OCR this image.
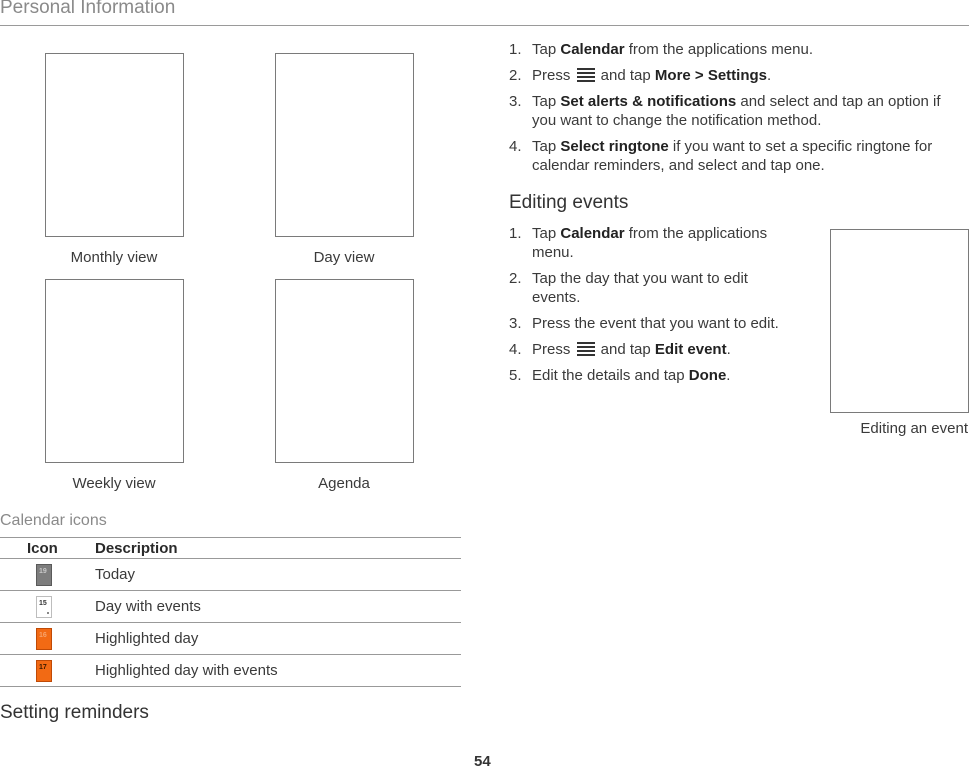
Personal Information
Monthly view	Day view
Weekly view	Agenda
Calendar icons
Icon	Description
19	Today
15	Day with events
16	Highlighted day
17	Highlighted day with events
Setting reminders
1. Tap Calendar from the applications menu.
2. Press  and tap More > Settings.
3. Tap Set alerts & notifications and select and tap an option if you want to change the notification method.
4. Tap Select ringtone if you want to set a specific ringtone for calendar reminders, and select and tap one.
Editing events
1. Tap Calendar from the applications menu.
2. Tap the day that you want to edit events.
3. Press the event that you want to edit.
4. Press  and tap Edit event.
5. Edit the details and tap Done.
Editing an event
54
